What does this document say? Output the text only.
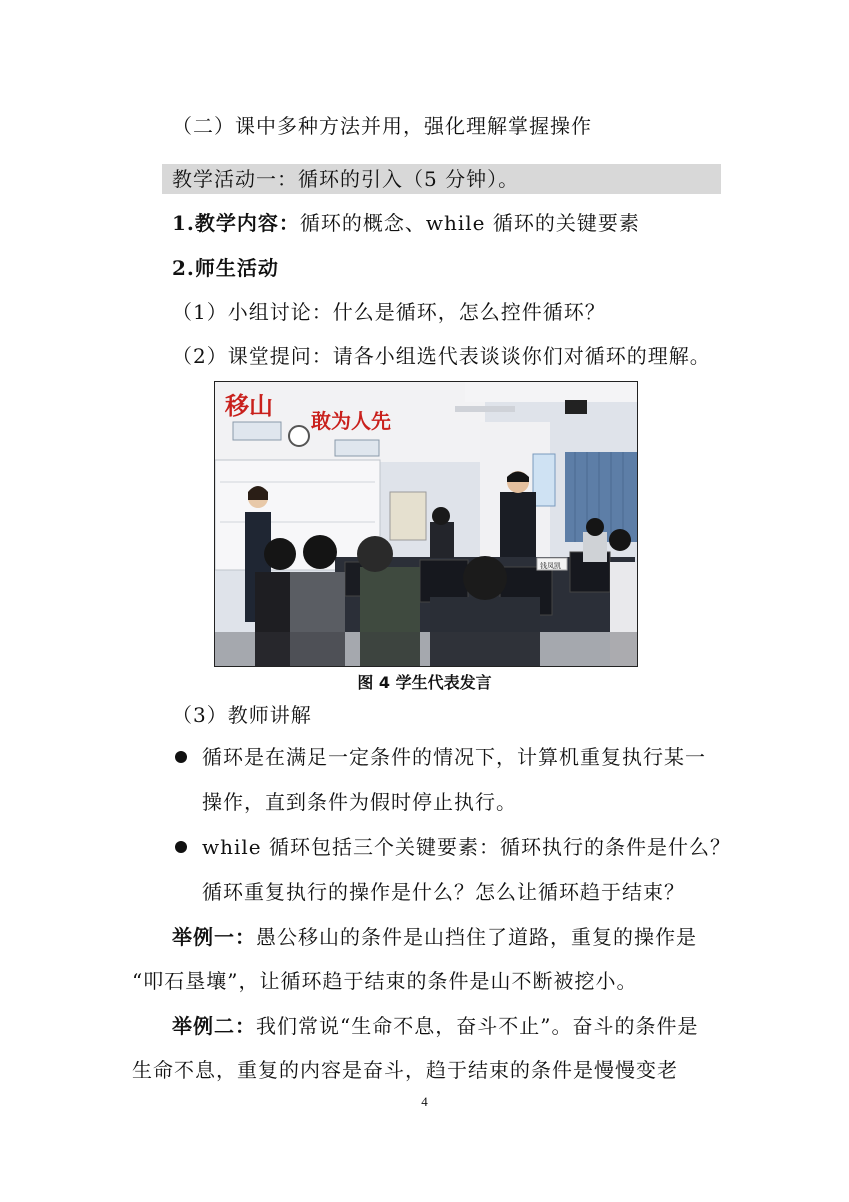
（二）课中多种方法并用，强化理解掌握操作
教学活动一：循环的引入（5 分钟）。
1.教学内容：循环的概念、while 循环的关键要素
2.师生活动
（1）小组讨论：什么是循环，怎么控件循环？
（2）课堂提问：请各小组选代表谈谈你们对循环的理解。
移山
敢为人先
钱凤凯
图 4 学生代表发言
（3）教师讲解
循环是在满足一定条件的情况下，计算机重复执行某一
操作，直到条件为假时停止执行。
while 循环包括三个关键要素：循环执行的条件是什么？
循环重复执行的操作是什么？怎么让循环趋于结束？
举例一：愚公移山的条件是山挡住了道路，重复的操作是
“叩石垦壤”，让循环趋于结束的条件是山不断被挖小。
举例二：我们常说“生命不息，奋斗不止”。奋斗的条件是
生命不息，重复的内容是奋斗，趋于结束的条件是慢慢变老
4
